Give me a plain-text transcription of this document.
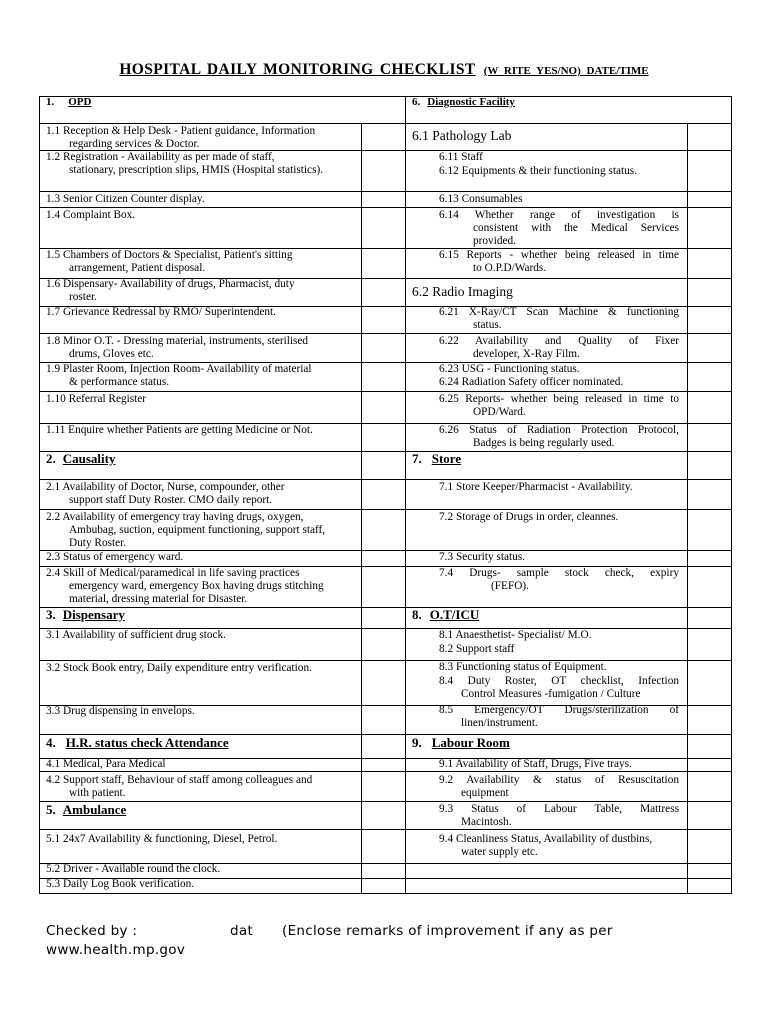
HOSPITAL DAILY MONITORING CHECKLIST (W RITE YES/NO) DATE/TIME
1. OPD
1.1 Reception & Help Desk - Patient guidance, Information
regarding services & Doctor.
1.2 Registration - Availability as per made of staff,
stationary, prescription slips, HMIS (Hospital statistics).
1.3 Senior Citizen Counter display.
1.4 Complaint Box.
1.5 Chambers of Doctors & Specialist, Patient's sitting
arrangement, Patient disposal.
1.6 Dispensary- Availability of drugs, Pharmacist, duty
roster.
1.7 Grievance Redressal by RMO/ Superintendent.
1.8 Minor O.T. - Dressing material, instruments, sterilised
drums, Gloves etc.
1.9 Plaster Room, Injection Room- Availability of material
& performance status.
1.10 Referral Register
1.11 Enquire whether Patients are getting Medicine or Not.
2. Causality
2.1 Availability of Doctor, Nurse, compounder, other
support staff Duty Roster. CMO daily report.
2.2 Availability of emergency tray having drugs, oxygen,
Ambubag, suction, equipment functioning, support staff,
Duty Roster.
2.3 Status of emergency ward.
2.4 Skill of Medical/paramedical in life saving practices
emergency ward, emergency Box having drugs stitching
material, dressing material for Disaster.
3. Dispensary
3.1 Availability of sufficient drug stock.
3.2 Stock Book entry, Daily expenditure entry verification.
3.3 Drug dispensing in envelops.
4. H.R. status check Attendance
4.1 Medical, Para Medical
4.2 Support staff, Behaviour of staff among colleagues and
with patient.
5. Ambulance
5.1 24x7 Availability & functioning, Diesel, Petrol.
5.2 Driver - Available round the clock.
5.3 Daily Log Book verification.
6. Diagnostic Facility
6.1 Pathology Lab
6.11 Staff
6.12 Equipments & their functioning status.
6.13 Consumables
6.14 Whether range of investigation is
consistent with the Medical Services
provided.
6.15 Reports - whether being released in time
to O.P.D/Wards.
6.2 Radio Imaging
6.21 X-Ray/CT Scan Machine & functioning
status.
6.22 Availability and Quality of Fixer
developer, X-Ray Film.
6.23 USG - Functioning status.
6.24 Radiation Safety officer nominated.
6.25 Reports- whether being released in time to
OPD/Ward.
6.26 Status of Radiation Protection Protocol,
Badges is being regularly used.
7. Store
7.1 Store Keeper/Pharmacist - Availability.
7.2 Storage of Drugs in order, cleannes.
7.3 Security status.
7.4 Drugs- sample stock check, expiry
(FEFO).
8. O.T/ICU
8.1 Anaesthetist- Specialist/ M.O.
8.2 Support staff
8.3 Functioning status of Equipment.
8.4 Duty Roster, OT checklist, Infection
Control Measures -fumigation / Culture
8.5 Emergency/OT Drugs/sterilization of
linen/instrument.
9. Labour Room
9.1 Availability of Staff, Drugs, Five trays.
9.2 Availability & status of Resuscitation
equipment
9.3 Status of Labour Table, Mattress
Macintosh.
9.4 Cleanliness Status, Availability of dustbins,
water supply etc.
Checked by :	dat (Enclose remarks of improvement if any as per
www.health.mp.gov
